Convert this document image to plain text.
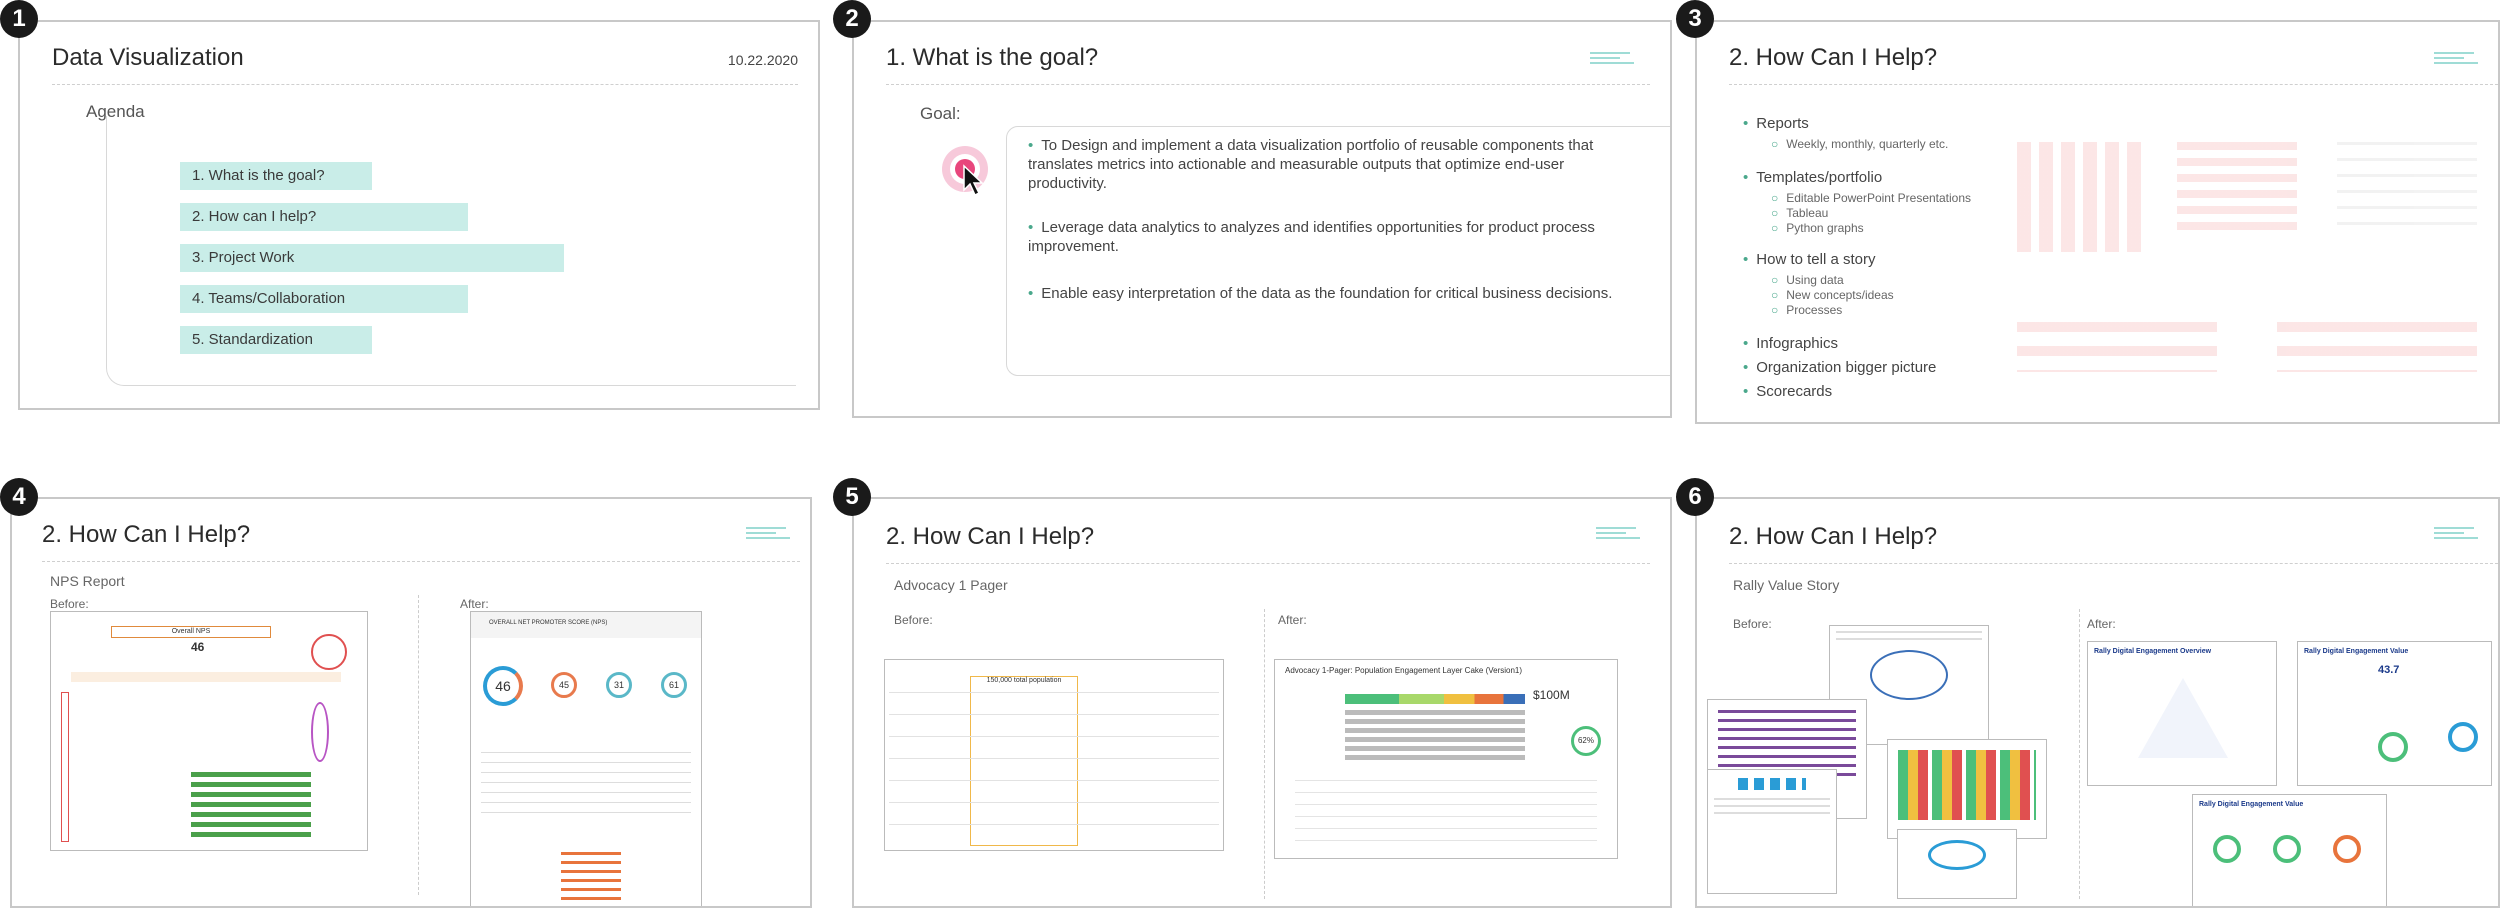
1	2	3
4	5	6
Data Visualization	10.22.2020
Agenda
1. What is the goal?
2. How can I help?
3. Project Work
4. Teams/Collaboration
5. Standardization
1. What is the goal?
Goal:
• To Design and implement a data visualization portfolio of reusable components that translates metrics into actionable and measurable outputs that optimize end-user productivity.
• Leverage data analytics to analyzes and identifies opportunities for product process improvement.
• Enable easy interpretation of the data as the foundation for critical business decisions.
2. How Can I Help?
• Reports
○ Weekly, monthly, quarterly etc.
• Templates/portfolio
○ Editable PowerPoint Presentations
○ Tableau
○ Python graphs
• How to tell a story
○ Using data
○ New concepts/ideas
○ Processes
• Infographics
• Organization bigger picture
• Scorecards
2. How Can I Help?
NPS Report
Before:	After:
Overall NPS
46
OVERALL NET PROMOTER SCORE (NPS)
46	45	31	61
2. How Can I Help?
Advocacy 1 Pager
Before:	After:
150,000 total population
Advocacy 1-Pager: Population Engagement Layer Cake (Version1)
$100M
62%
2. How Can I Help?
Rally Value Story
Before:	After:
Rally Digital Engagement Overview	Rally Digital Engagement Value
43.7
Rally Digital Engagement Value
